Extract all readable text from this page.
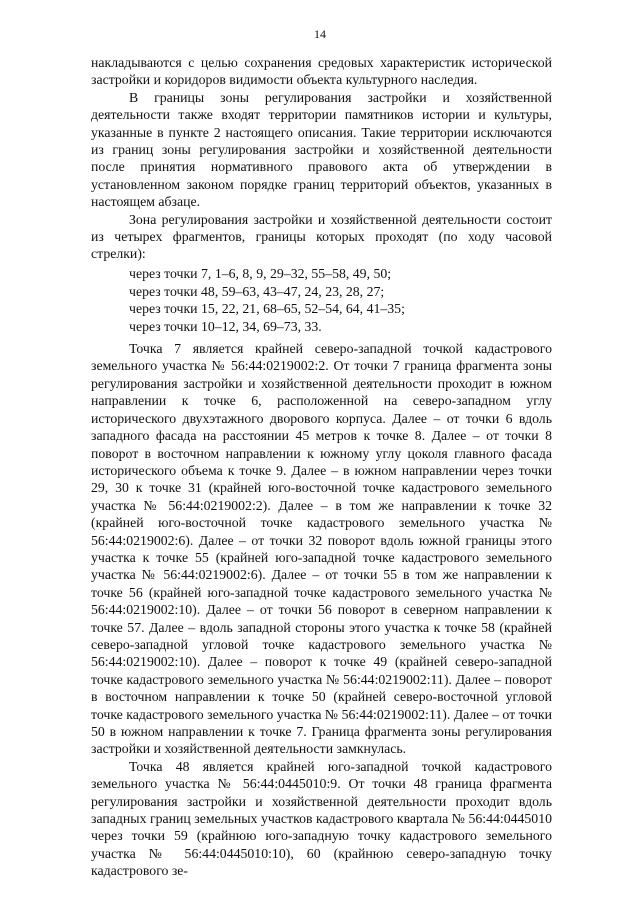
14

накладываются с целью сохранения средовых характеристик исторической застройки и коридоров видимости объекта культурного наследия.

В границы зоны регулирования застройки и хозяйственной деятельности также входят территории памятников истории и культуры, указанные в пункте 2 настоящего описания. Такие территории исключаются из границ зоны регулирования застройки и хозяйственной деятельности после принятия нормативного правового акта об утверждении в установленном законом порядке границ территорий объектов, указанных в настоящем абзаце.

Зона регулирования застройки и хозяйственной деятельности состоит из четырех фрагментов, границы которых проходят (по ходу часовой стрелки):

через точки 7, 1–6, 8, 9, 29–32, 55–58, 49, 50;
через точки 48, 59–63, 43–47, 24, 23, 28, 27;
через точки 15, 22, 21, 68–65, 52–54, 64, 41–35;
через точки 10–12, 34, 69–73, 33.

Точка 7 является крайней северо-западной точкой кадастрового земельного участка № 56:44:0219002:2. От точки 7 граница фрагмента зоны регулирования застройки и хозяйственной деятельности проходит в южном направлении к точке 6, расположенной на северо-западном углу исторического двухэтажного дворового корпуса. Далее – от точки 6 вдоль западного фасада на расстоянии 45 метров к точке 8. Далее – от точки 8 поворот в восточном направлении к южному углу цоколя главного фасада исторического объема к точке 9. Далее – в южном направлении через точки 29, 30 к точке 31 (крайней юго-восточной точке кадастрового земельного участка № 56:44:0219002:2). Далее – в том же направлении к точке 32 (крайней юго-восточной точке кадастрового земельного участка № 56:44:0219002:6). Далее – от точки 32 поворот вдоль южной границы этого участка к точке 55 (крайней юго-западной точке кадастрового земельного участка № 56:44:0219002:6). Далее – от точки 55 в том же направлении к точке 56 (крайней юго-западной точке кадастрового земельного участка № 56:44:0219002:10). Далее – от точки 56 поворот в северном направлении к точке 57. Далее – вдоль западной стороны этого участка к точке 58 (крайней северо-западной угловой точке кадастрового земельного участка № 56:44:0219002:10). Далее – поворот к точке 49 (крайней северо-западной точке кадастрового земельного участка № 56:44:0219002:11). Далее – поворот в восточном направлении к точке 50 (крайней северо-восточной угловой точке кадастрового земельного участка № 56:44:0219002:11). Далее – от точки 50 в южном направлении к точке 7. Граница фрагмента зоны регулирования застройки и хозяйственной деятельности замкнулась.

Точка 48 является крайней юго-западной точкой кадастрового земельного участка № 56:44:0445010:9. От точки 48 граница фрагмента регулирования застройки и хозяйственной деятельности проходит вдоль западных границ земельных участков кадастрового квартала № 56:44:0445010 через точки 59 (крайнюю юго-западную точку кадастрового земельного участка № 56:44:0445010:10), 60 (крайнюю северо-западную точку кадастрового зе-
